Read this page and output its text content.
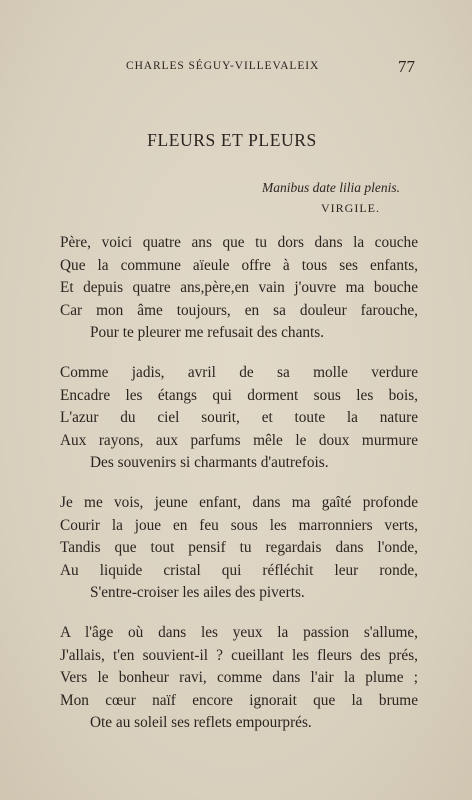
CHARLES SÉGUY-VILLEVALEIX	77
FLEURS ET PLEURS
Manibus date lilia plenis.
VIRGILE.
Père, voici quatre ans que tu dors dans la couche
Que la commune aïeule offre à tous ses enfants,
Et depuis quatre ans,père,en vain j'ouvre ma bouche
Car mon âme toujours, en sa douleur farouche,
Pour te pleurer me refusait des chants.
Comme jadis, avril de sa molle verdure
Encadre les étangs qui dorment sous les bois,
L'azur du ciel sourit, et toute la nature
Aux rayons, aux parfums mêle le doux murmure
Des souvenirs si charmants d'autrefois.
Je me vois, jeune enfant, dans ma gaîté profonde
Courir la joue en feu sous les marronniers verts,
Tandis que tout pensif tu regardais dans l'onde,
Au liquide cristal qui réfléchit leur ronde,
S'entre-croiser les ailes des piverts.
A l'âge où dans les yeux la passion s'allume,
J'allais, t'en souvient-il ? cueillant les fleurs des prés,
Vers le bonheur ravi, comme dans l'air la plume ;
Mon cœur naïf encore ignorait que la brume
Ote au soleil ses reflets empourprés.
